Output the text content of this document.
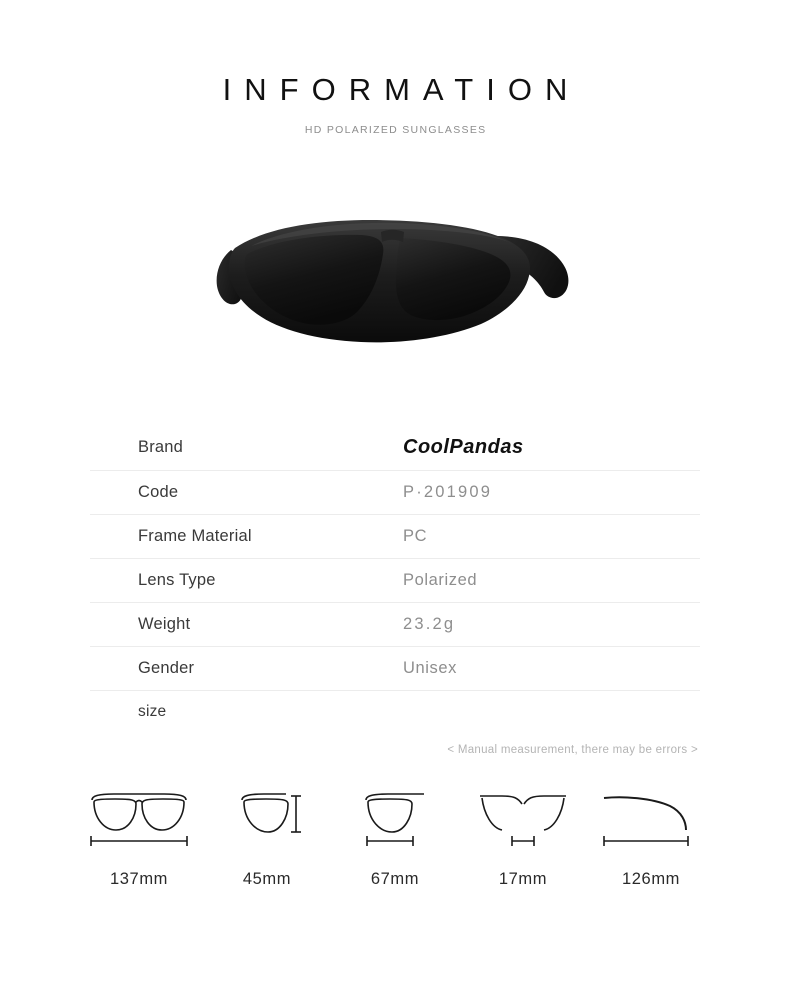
INFORMATION
HD POLARIZED SUNGLASSES
Brand	CoolPandas
Code	P·201909
Frame Material	PC
Lens Type	Polarized
Weight	23.2g
Gender	Unisex
size	
< Manual measurement, there may be errors >
137mm	45mm	67mm	17mm	126mm
